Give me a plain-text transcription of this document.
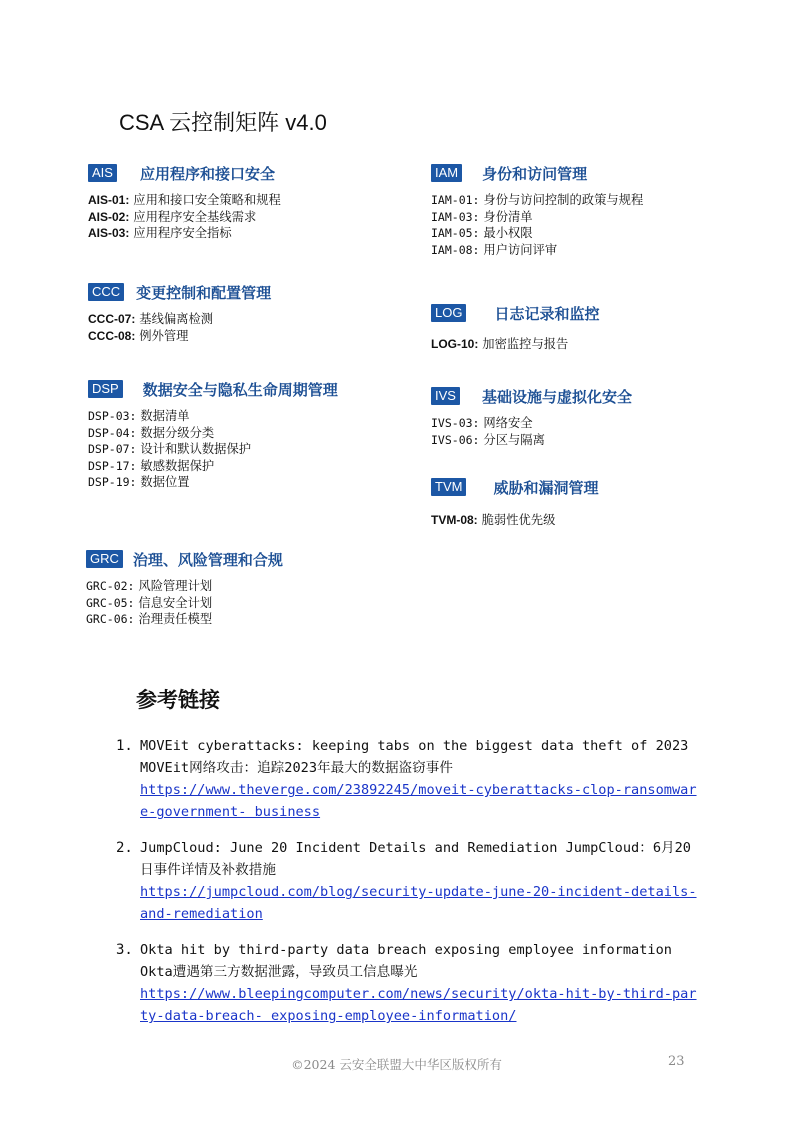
CSA 云控制矩阵 v4.0
AIS 应用程序和接口安全
AIS-01: 应用和接口安全策略和规程
AIS-02: 应用程序安全基线需求
AIS-03: 应用程序安全指标
CCC 变更控制和配置管理
CCC-07: 基线偏离检测
CCC-08: 例外管理
DSP 数据安全与隐私生命周期管理
DSP-03: 数据清单
DSP-04: 数据分级分类
DSP-07: 设计和默认数据保护
DSP-17: 敏感数据保护
DSP-19: 数据位置
GRC 治理、风险管理和合规
GRC-02: 风险管理计划
GRC-05: 信息安全计划
GRC-06: 治理责任模型
IAM 身份和访问管理
IAM-01: 身份与访问控制的政策与规程
IAM-03: 身份清单
IAM-05: 最小权限
IAM-08: 用户访问评审
LOG 日志记录和监控
LOG-10: 加密监控与报告
IVS 基础设施与虚拟化安全
IVS-03: 网络安全
IVS-06: 分区与隔离
TVM 威胁和漏洞管理
TVM-08: 脆弱性优先级
参考链接
1. MOVEit cyberattacks: keeping tabs on the biggest data theft of 2023 MOVEit网络攻击：追踪2023年最大的数据盗窃事件
https://www.theverge.com/23892245/moveit-cyberattacks-clop-ransomware-government- business
2. JumpCloud: June 20 Incident Details and Remediation JumpCloud：6月20日事件详情及补救措施
https://jumpcloud.com/blog/security-update-june-20-incident-details-and-remediation
3. Okta hit by third-party data breach exposing employee information Okta遭遇第三方数据泄露，导致员工信息曝光
https://www.bleepingcomputer.com/news/security/okta-hit-by-third-party-data-breach- exposing-employee-information/
©2024 云安全联盟大中华区版权所有	23
